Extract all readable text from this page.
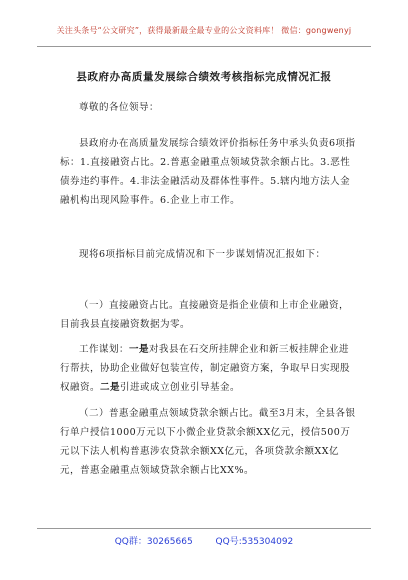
关注头条号“公文研究”，获得最新最全最专业的公文资料库！ 微信：gongwenyj
县政府办高质量发展综合绩效考核指标完成情况汇报

尊敬的各位领导：

县政府办在高质量发展综合绩效评价指标任务中承头负责6项指标：1.直接融资占比。2.普惠金融重点领域贷款余额占比。3.恶性债券违约事件。4.非法金融活动及群体性事件。5.辖内地方法人金融机构出现风险事件。6.企业上市工作。

现将6项指标目前完成情况和下一步谋划情况汇报如下：

（一）直接融资占比。直接融资是指企业债和上市企业融资，目前我县直接融资数据为零。

工作谋划：一是对我县在石交所挂牌企业和新三板挂牌企业进行帮扶，协助企业做好包装宣传，制定融资方案，争取早日实现股权融资。二是引进或成立创业引导基金。

（二）普惠金融重点领域贷款余额占比。截至3月末，全县各银行单户授信1000万元以下小微企业贷款余额XX亿元，授信500万元以下法人机构普惠涉农贷款余额XX亿元，各项贷款余额XX亿元，普惠金融重点领域贷款余额占比XX%。

QQ群：30265665	QQ号:535304092
